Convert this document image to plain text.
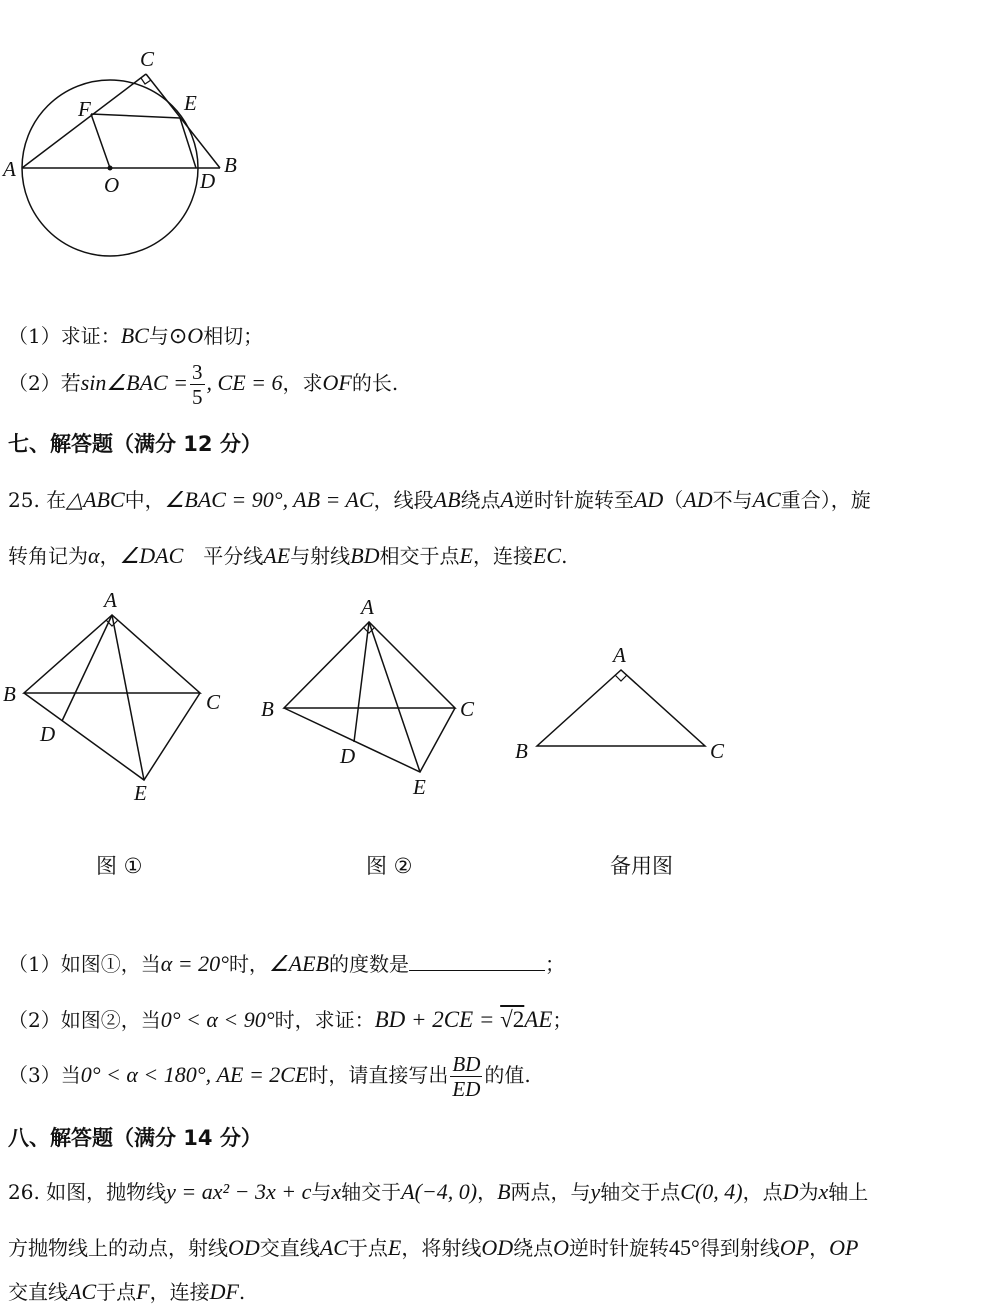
C
F	E
A	B
O	D
（1）求证：BC与⊙O相切；
（2）若sin∠BAC = $\frac{3}{5}$ , CE = 6，求OF的长.
七、解答题（满分 12 分）
25. 在△ABC中，∠BAC = 90°, AB = AC，线段AB绕点A逆时针旋转至AD（AD不与AC重合），旋
转角记为α，∠DAC 平分线AE与射线BD相交于点E，连接EC.
A
B	C
D
E
A
B	C
D
E
A
B	C
图 ①	图 ②	备用图
（1）如图①，当α = 20°时，∠AEB的度数是	；
（2）如图②，当0° < α < 90°时，求证：BD + 2CE = √2AE；
（3）当0° < α < 180°, AE = 2CE时，请直接写出 $\frac{BD}{ED}$ 的值.
八、解答题（满分 14 分）
26. 如图，抛物线y = ax² − 3x + c与x轴交于A(−4, 0)，B两点，与y轴交于点C(0, 4)，点D为x轴上
方抛物线上的动点，射线OD交直线AC于点E，将射线OD绕点O逆时针旋转45°得到射线OP，OP
交直线AC于点F，连接DF.
